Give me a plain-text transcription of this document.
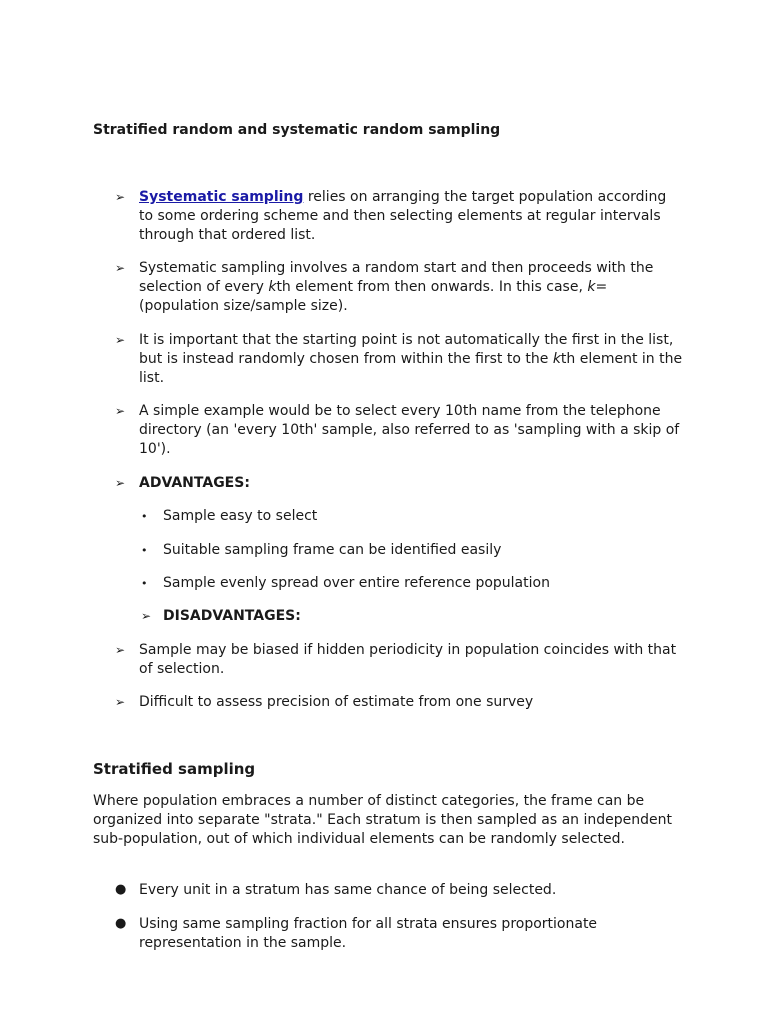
Stratified random and systematic random sampling
➢ Systematic sampling relies on arranging the target population according to some ordering scheme and then selecting elements at regular intervals through that ordered list.
➢ Systematic sampling involves a random start and then proceeds with the selection of every kth element from then onwards. In this case, k=(population size/sample size).
➢ It is important that the starting point is not automatically the first in the list, but is instead randomly chosen from within the first to the kth element in the list.
➢ A simple example would be to select every 10th name from the telephone directory (an 'every 10th' sample, also referred to as 'sampling with a skip of 10').
➢ ADVANTAGES:
• Sample easy to select
• Suitable sampling frame can be identified easily
• Sample evenly spread over entire reference population
➢ DISADVANTAGES:
➢ Sample may be biased if hidden periodicity in population coincides with that of selection.
➢ Difficult to assess precision of estimate from one survey
Stratified sampling
Where population embraces a number of distinct categories, the frame can be organized into separate "strata." Each stratum is then sampled as an independent sub-population, out of which individual elements can be randomly selected.
● Every unit in a stratum has same chance of being selected.
● Using same sampling fraction for all strata ensures proportionate representation in the sample.
